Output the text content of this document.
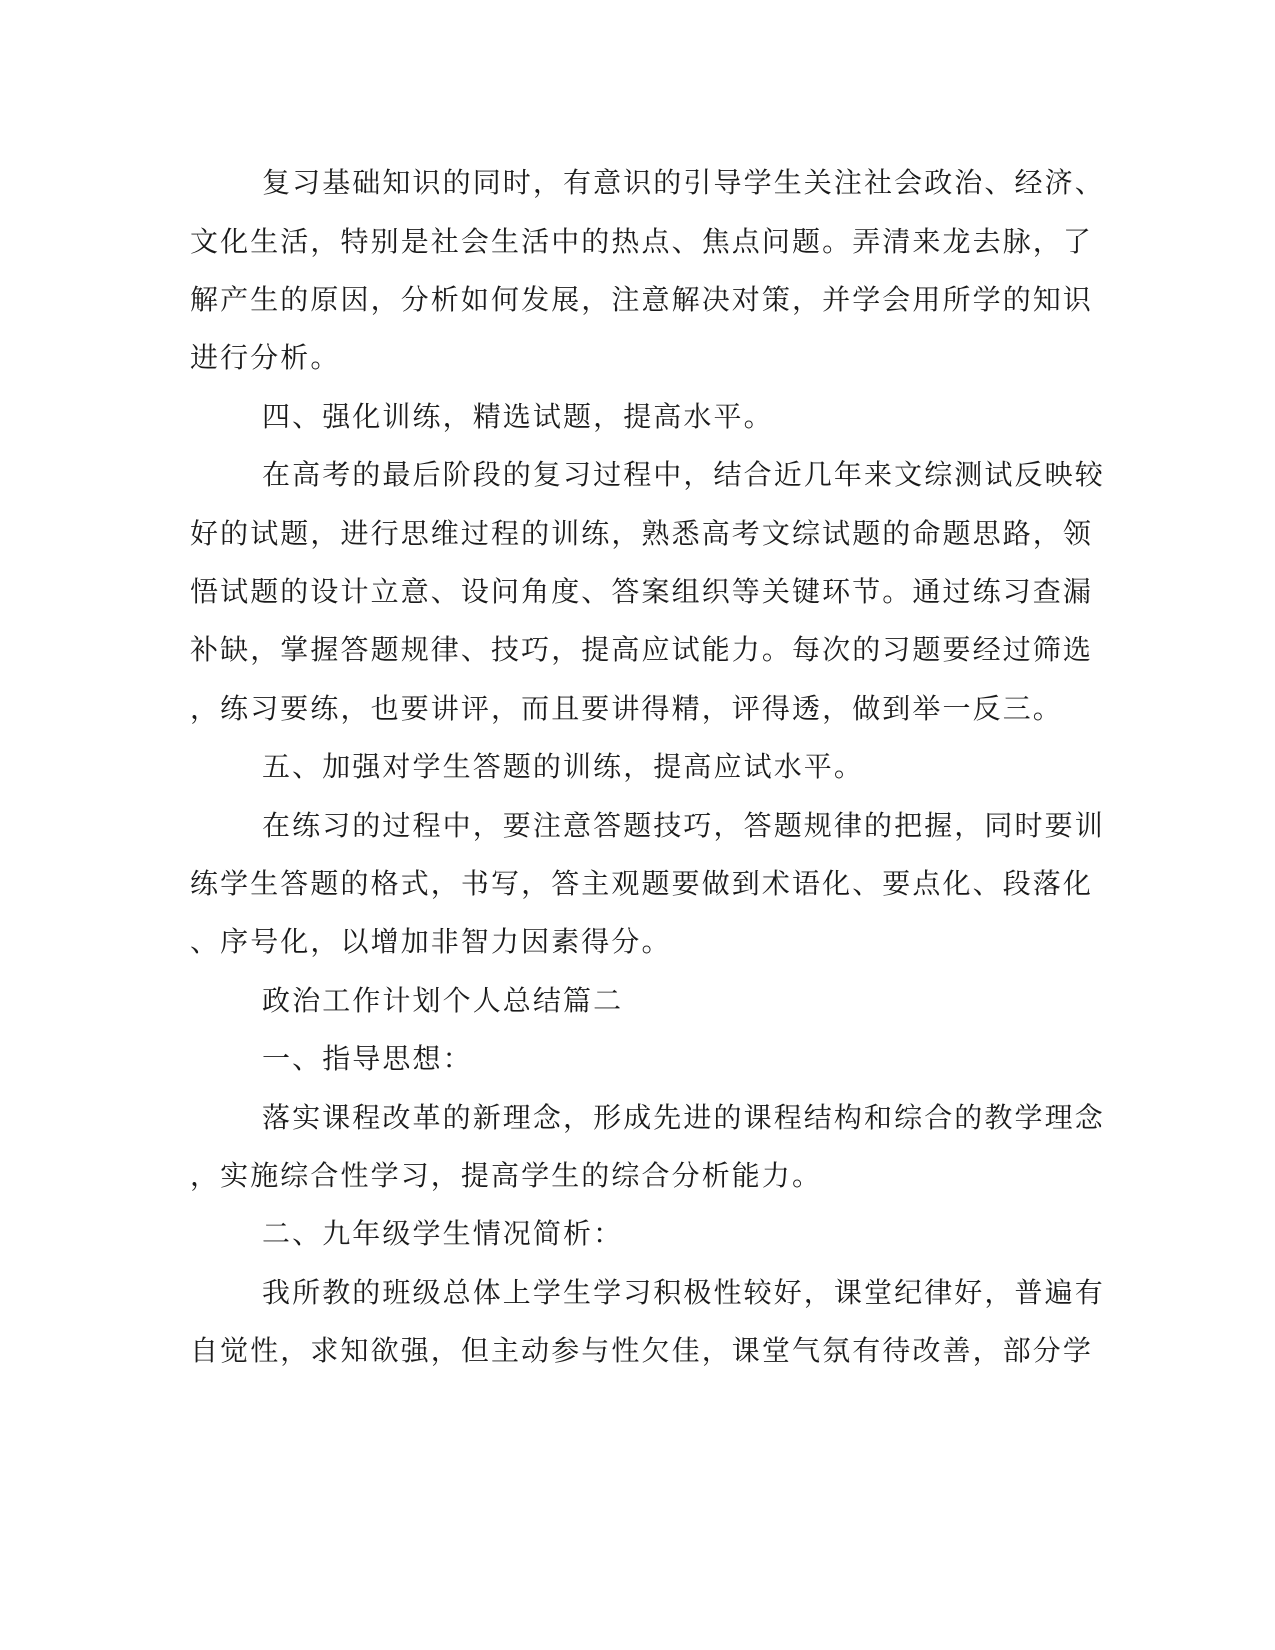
复习基础知识的同时，有意识的引导学生关注社会政治、经济、

文化生活，特别是社会生活中的热点、焦点问题。弄清来龙去脉，了

解产生的原因，分析如何发展，注意解决对策，并学会用所学的知识

进行分析。

四、强化训练，精选试题，提高水平。

在高考的最后阶段的复习过程中，结合近几年来文综测试反映较

好的试题，进行思维过程的训练，熟悉高考文综试题的命题思路，领

悟试题的设计立意、设问角度、答案组织等关键环节。通过练习查漏

补缺，掌握答题规律、技巧，提高应试能力。每次的习题要经过筛选

，练习要练，也要讲评，而且要讲得精，评得透，做到举一反三。

五、加强对学生答题的训练，提高应试水平。

在练习的过程中，要注意答题技巧，答题规律的把握，同时要训

练学生答题的格式，书写，答主观题要做到术语化、要点化、段落化

、序号化，以增加非智力因素得分。

政治工作计划个人总结篇二

一、指导思想：

落实课程改革的新理念，形成先进的课程结构和综合的教学理念

，实施综合性学习，提高学生的综合分析能力。

二、九年级学生情况简析：

我所教的班级总体上学生学习积极性较好，课堂纪律好，普遍有

自觉性，求知欲强，但主动参与性欠佳，课堂气氛有待改善，部分学
